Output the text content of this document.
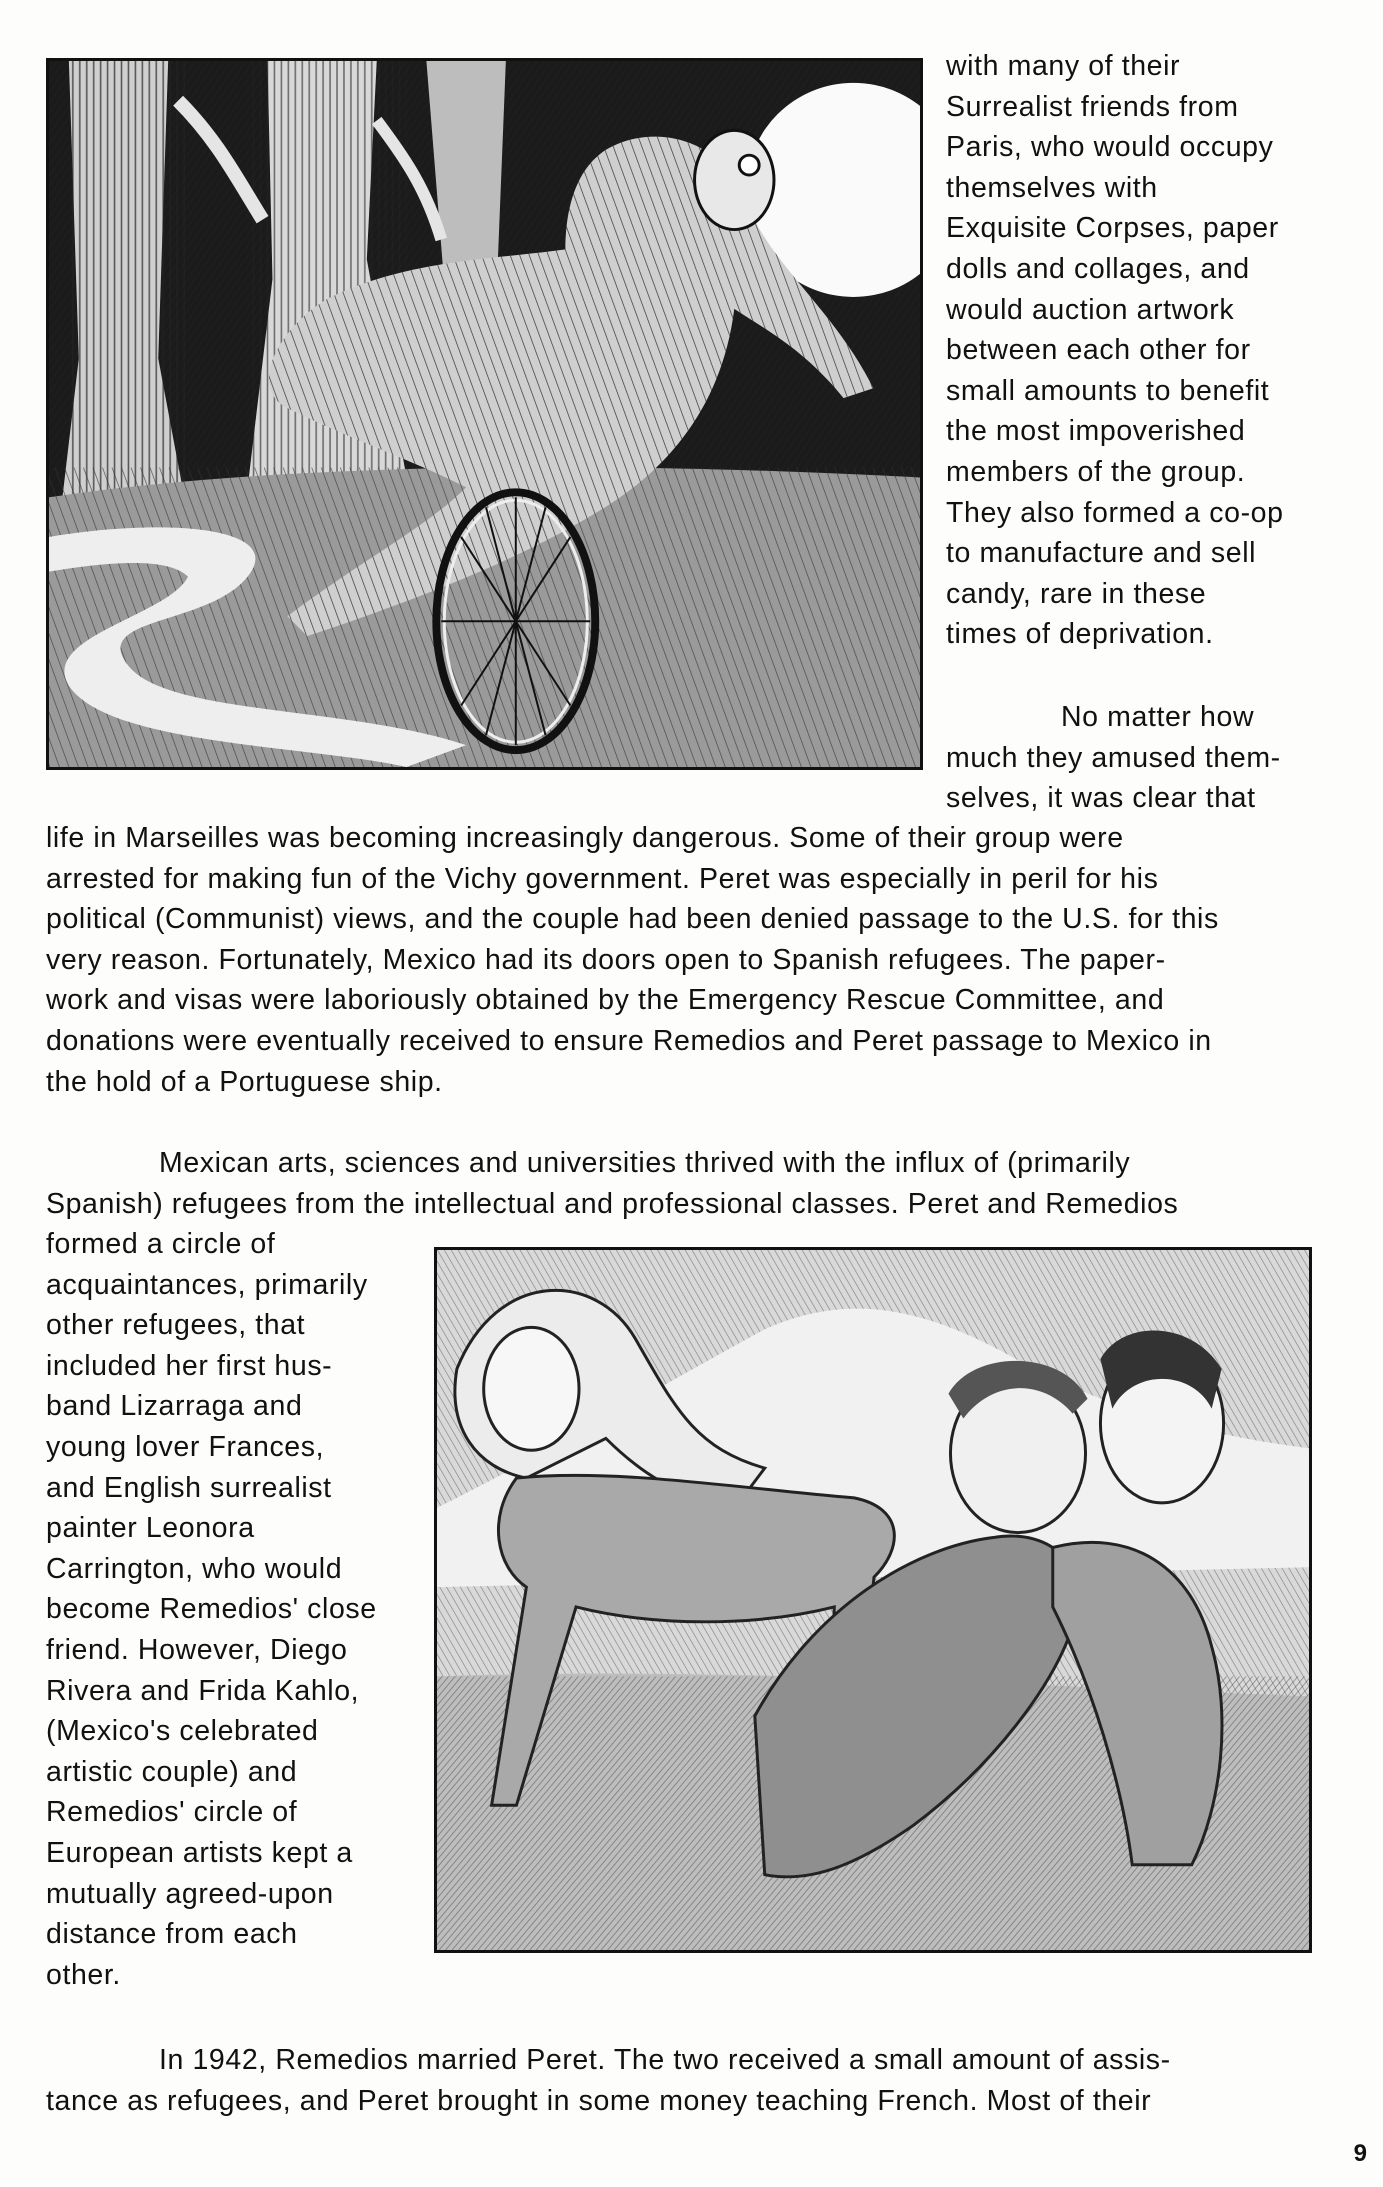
with many of their
Surrealist friends from
Paris, who would occupy
themselves with
Exquisite Corpses, paper
dolls and collages, and
would auction artwork
between each other for
small amounts to benefit
the most impoverished
members of the group.
They also formed a co-op
to manufacture and sell
candy, rare in these
times of deprivation.
No matter how
much they amused them-
selves, it was clear that
life in Marseilles was becoming increasingly dangerous. Some of their group were
arrested for making fun of the Vichy government. Peret was especially in peril for his
political (Communist) views, and the couple had been denied passage to the U.S. for this
very reason. Fortunately, Mexico had its doors open to Spanish refugees. The paper-
work and visas were laboriously obtained by the Emergency Rescue Committee, and
donations were eventually received to ensure Remedios and Peret passage to Mexico in
the hold of a Portuguese ship.
Mexican arts, sciences and universities thrived with the influx of (primarily
Spanish) refugees from the intellectual and professional classes. Peret and Remedios
formed a circle of
acquaintances, primarily
other refugees, that
included her first hus-
band Lizarraga and
young lover Frances,
and English surrealist
painter Leonora
Carrington, who would
become Remedios' close
friend. However, Diego
Rivera and Frida Kahlo,
(Mexico's celebrated
artistic couple) and
Remedios' circle of
European artists kept a
mutually agreed-upon
distance from each
other.
In 1942, Remedios married Peret. The two received a small amount of assis-
tance as refugees, and Peret brought in some money teaching French. Most of their
9
